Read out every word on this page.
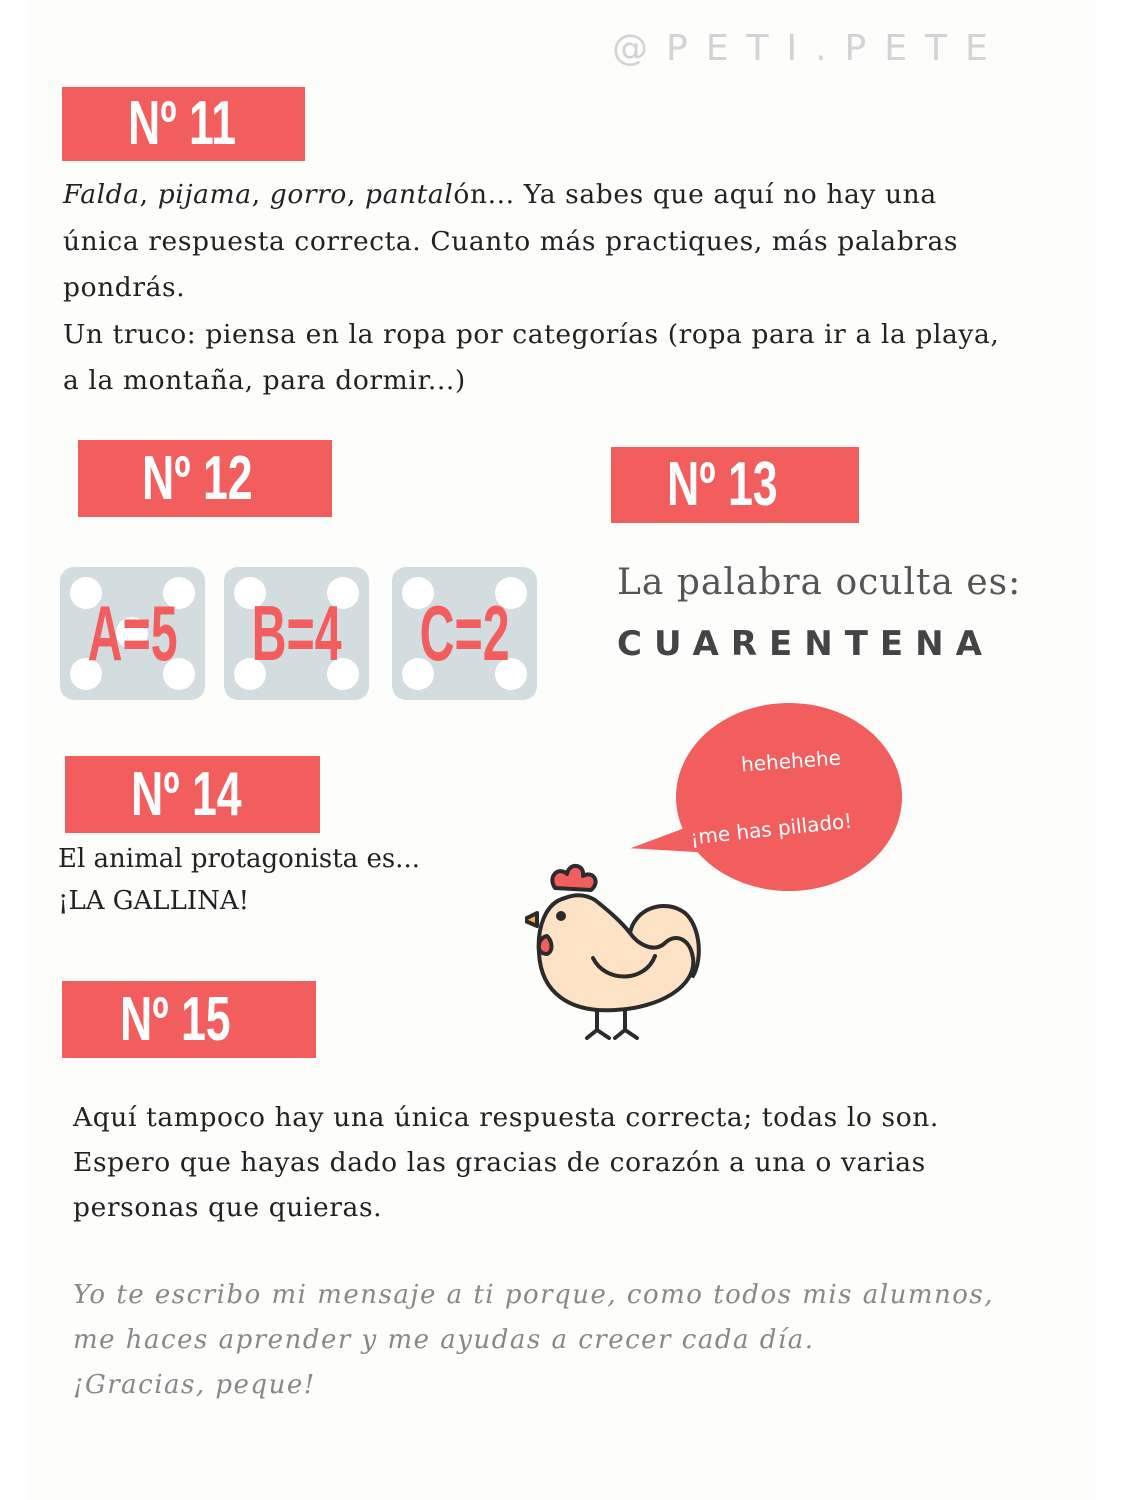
@PETI.PETE
Nº 11

Falda, pijama, gorro, pantalón... Ya sabes que aquí no hay una

única respuesta correcta. Cuanto más practiques, más palabras

pondrás.

Un truco: piensa en la ropa por categorías (ropa para ir a la playa,

a la montaña, para dormir...)

Nº 12
A=5 B=4 C=2
Nº 13
La palabra oculta es:
CUARENTENA
Nº 14
El animal protagonista es...
¡LA GALLINA!
hehehehe
¡me has pillado!
Nº 15
Aquí tampoco hay una única respuesta correcta; todas lo son.
Espero que hayas dado las gracias de corazón a una o varias
personas que quieras.
Yo te escribo mi mensaje a ti porque, como todos mis alumnos,
me haces aprender y me ayudas a crecer cada día.
¡Gracias, peque!
